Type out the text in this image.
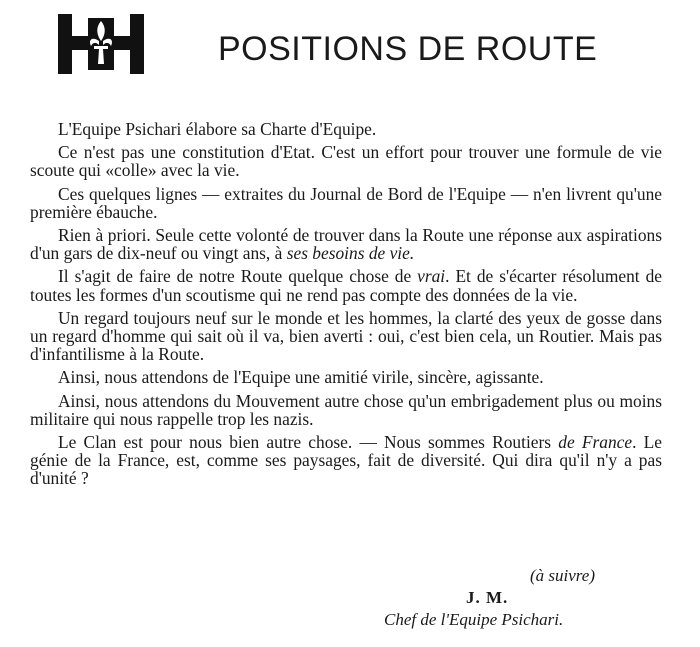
POSITIONS DE ROUTE

L'Equipe Psichari élabore sa Charte d'Equipe.

Ce n'est pas une constitution d'Etat. C'est un effort pour trouver une formule de vie scoute qui «colle» avec la vie.

Ces quelques lignes — extraites du Journal de Bord de l'Equipe — n'en livrent qu'une première ébauche.

Rien à priori. Seule cette volonté de trouver dans la Route une réponse aux aspirations d'un gars de dix-neuf ou vingt ans, à ses besoins de vie.

Il s'agit de faire de notre Route quelque chose de vrai. Et de s'écarter résolument de toutes les formes d'un scoutisme qui ne rend pas compte des données de la vie.

Un regard toujours neuf sur le monde et les hommes, la clarté des yeux de gosse dans un regard d'homme qui sait où il va, bien averti : oui, c'est bien cela, un Routier. Mais pas d'infantilisme à la Route.

Ainsi, nous attendons de l'Equipe une amitié virile, sincère, agissante.

Ainsi, nous attendons du Mouvement autre chose qu'un embrigadement plus ou moins militaire qui nous rappelle trop les nazis.

Le Clan est pour nous bien autre chose. — Nous sommes Routiers de France. Le génie de la France, est, comme ses paysages, fait de diversité. Qui dira qu'il n'y a pas d'unité ?

(à suivre)
J. M.
Chef de l'Equipe Psichari.
